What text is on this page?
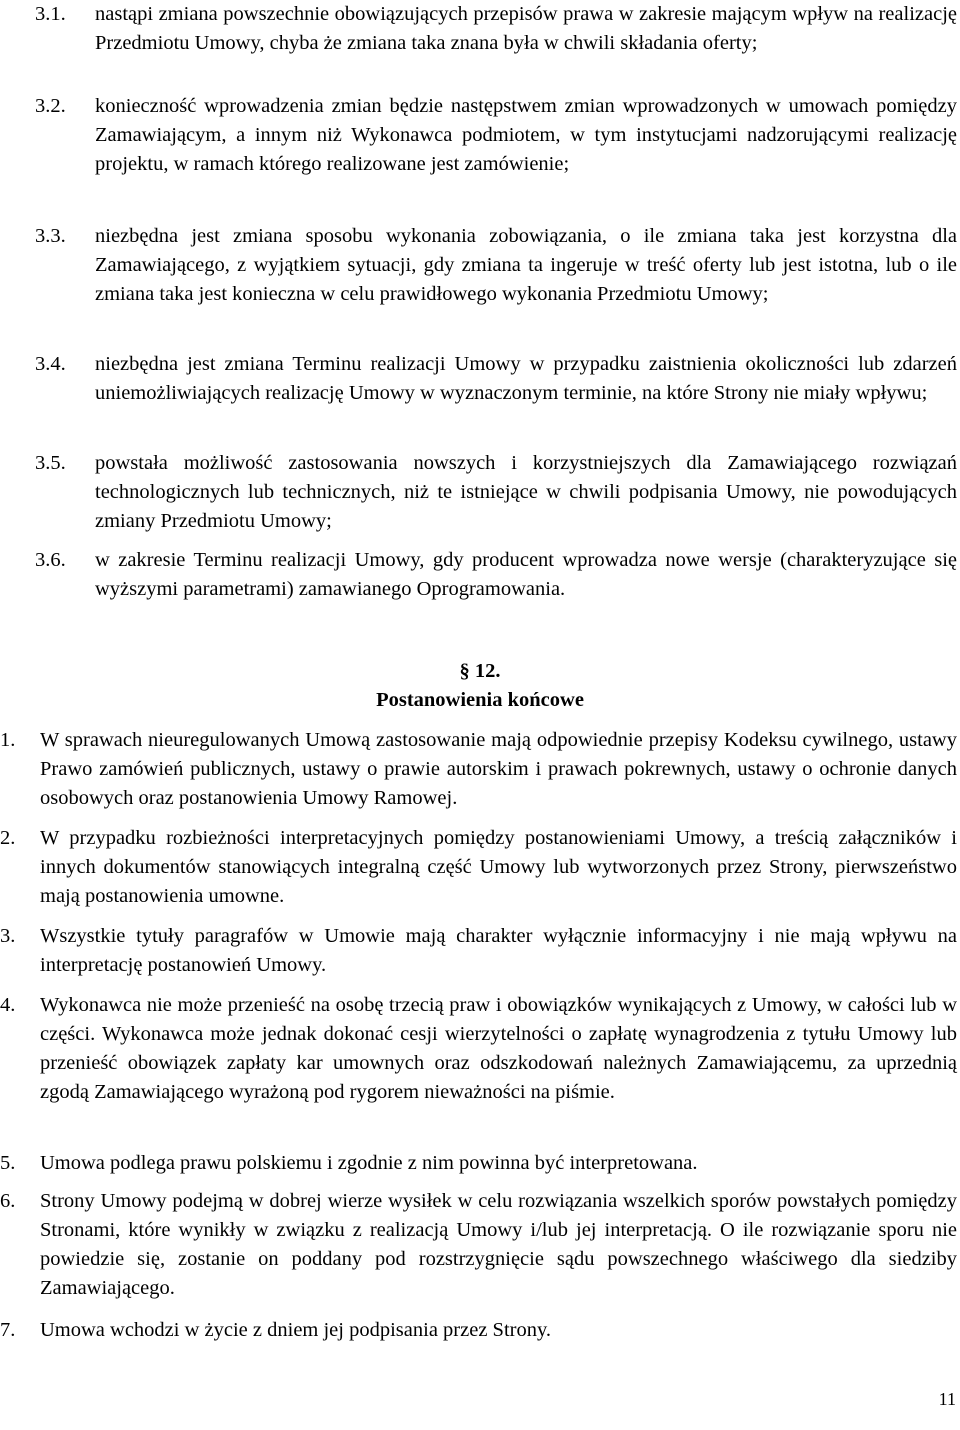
3.1. nastąpi zmiana powszechnie obowiązujących przepisów prawa w zakresie mającym wpływ na realizację Przedmiotu Umowy, chyba że zmiana taka znana była w chwili składania oferty;
3.2. konieczność wprowadzenia zmian będzie następstwem zmian wprowadzonych w umowach pomiędzy Zamawiającym, a innym niż Wykonawca podmiotem, w tym instytucjami nadzorującymi realizację projektu, w ramach którego realizowane jest zamówienie;
3.3. niezbędna jest zmiana sposobu wykonania zobowiązania, o ile zmiana taka jest korzystna dla Zamawiającego, z wyjątkiem sytuacji, gdy zmiana ta ingeruje w treść oferty lub jest istotna, lub o ile zmiana taka jest konieczna w celu prawidłowego wykonania Przedmiotu Umowy;
3.4. niezbędna jest zmiana Terminu realizacji Umowy w przypadku zaistnienia okoliczności lub zdarzeń uniemożliwiających realizację Umowy w wyznaczonym terminie, na które Strony nie miały wpływu;
3.5. powstała możliwość zastosowania nowszych i korzystniejszych dla Zamawiającego rozwiązań technologicznych lub technicznych, niż te istniejące w chwili podpisania Umowy, nie powodujących zmiany Przedmiotu Umowy;
3.6. w zakresie Terminu realizacji Umowy, gdy producent wprowadza nowe wersje (charakteryzujące się wyższymi parametrami) zamawianego Oprogramowania.
§ 12.
Postanowienia końcowe
1. W sprawach nieuregulowanych Umową zastosowanie mają odpowiednie przepisy Kodeksu cywilnego, ustawy Prawo zamówień publicznych, ustawy o prawie autorskim i prawach pokrewnych, ustawy o ochronie danych osobowych oraz postanowienia Umowy Ramowej.
2. W przypadku rozbieżności interpretacyjnych pomiędzy postanowieniami Umowy, a treścią załączników i innych dokumentów stanowiących integralną część Umowy lub wytworzonych przez Strony, pierwszeństwo mają postanowienia umowne.
3. Wszystkie tytuły paragrafów w Umowie mają charakter wyłącznie informacyjny i nie mają wpływu na interpretację postanowień Umowy.
4. Wykonawca nie może przenieść na osobę trzecią praw i obowiązków wynikających z Umowy, w całości lub w części. Wykonawca może jednak dokonać cesji wierzytelności o zapłatę wynagrodzenia z tytułu Umowy lub przenieść obowiązek zapłaty kar umownych oraz odszkodowań należnych Zamawiającemu, za uprzednią zgodą Zamawiającego wyrażoną pod rygorem nieważności na piśmie.
5. Umowa podlega prawu polskiemu i zgodnie z nim powinna być interpretowana.
6. Strony Umowy podejmą w dobrej wierze wysiłek w celu rozwiązania wszelkich sporów powstałych pomiędzy Stronami, które wynikły w związku z realizacją Umowy i/lub jej interpretacją. O ile rozwiązanie sporu nie powiedzie się, zostanie on poddany pod rozstrzygnięcie sądu powszechnego właściwego dla siedziby Zamawiającego.
7. Umowa wchodzi w życie z dniem jej podpisania przez Strony.
11
